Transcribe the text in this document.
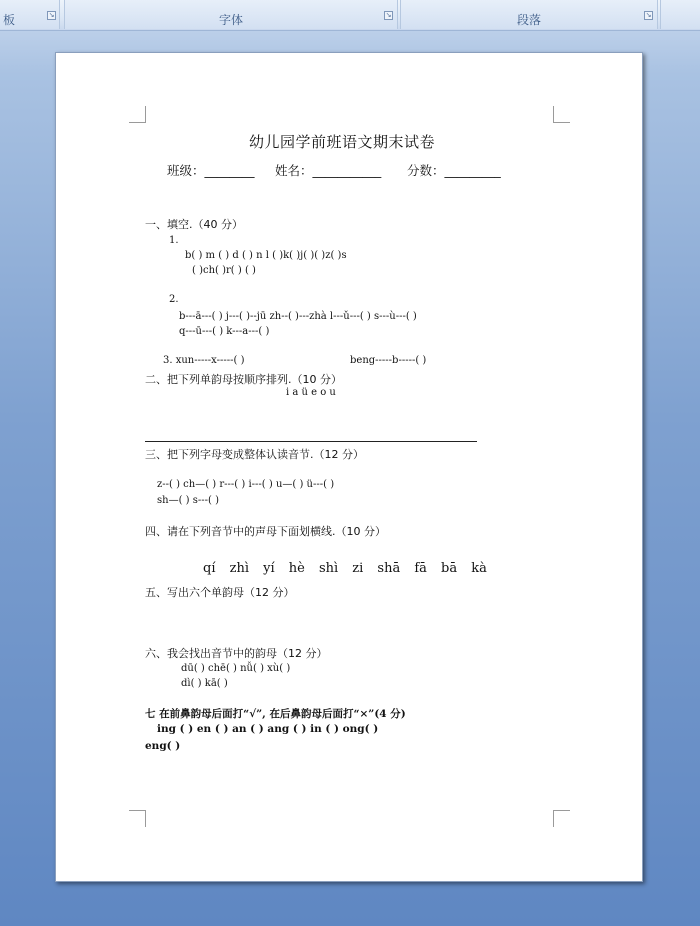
板	↘	字体	↘	段落	↘
幼儿园学前班语文期末试卷
班级：________ 姓名：___________ 分数：_________
一、填空.（40 分）
1.
b( ) m ( ) d ( ) n l ( )k( )j( )( )z( )s
( )ch( )r( ) ( )
2.
b---ā---( ) j---( )--jū zh--( )---zhà l---ǔ---( ) s---ù---( )
q---ū---( ) k---a---( )
3. xun-----x-----( )	beng-----b-----( )
二、把下列单韵母按顺序排列.（10 分）
i a ü e o u
三、把下列字母变成整体认读音节.（12 分）
z--( ) ch—( ) r---( ) i---( ) u—( ) ü---( )
sh—( ) s---( )
四、请在下列音节中的声母下面划横线.（10 分）
qí zhì yí hè shì zi shā fā bā kà
五、写出六个单韵母（12 分）
六、我会找出音节中的韵母（12 分）
dū( ) chē( ) nǚ( ) xù( )
dì( ) kā( )
七 在前鼻韵母后面打“√”, 在后鼻韵母后面打“×”(4 分)
ing ( ) en ( ) an ( ) ang ( ) in ( ) ong( )
eng( )
